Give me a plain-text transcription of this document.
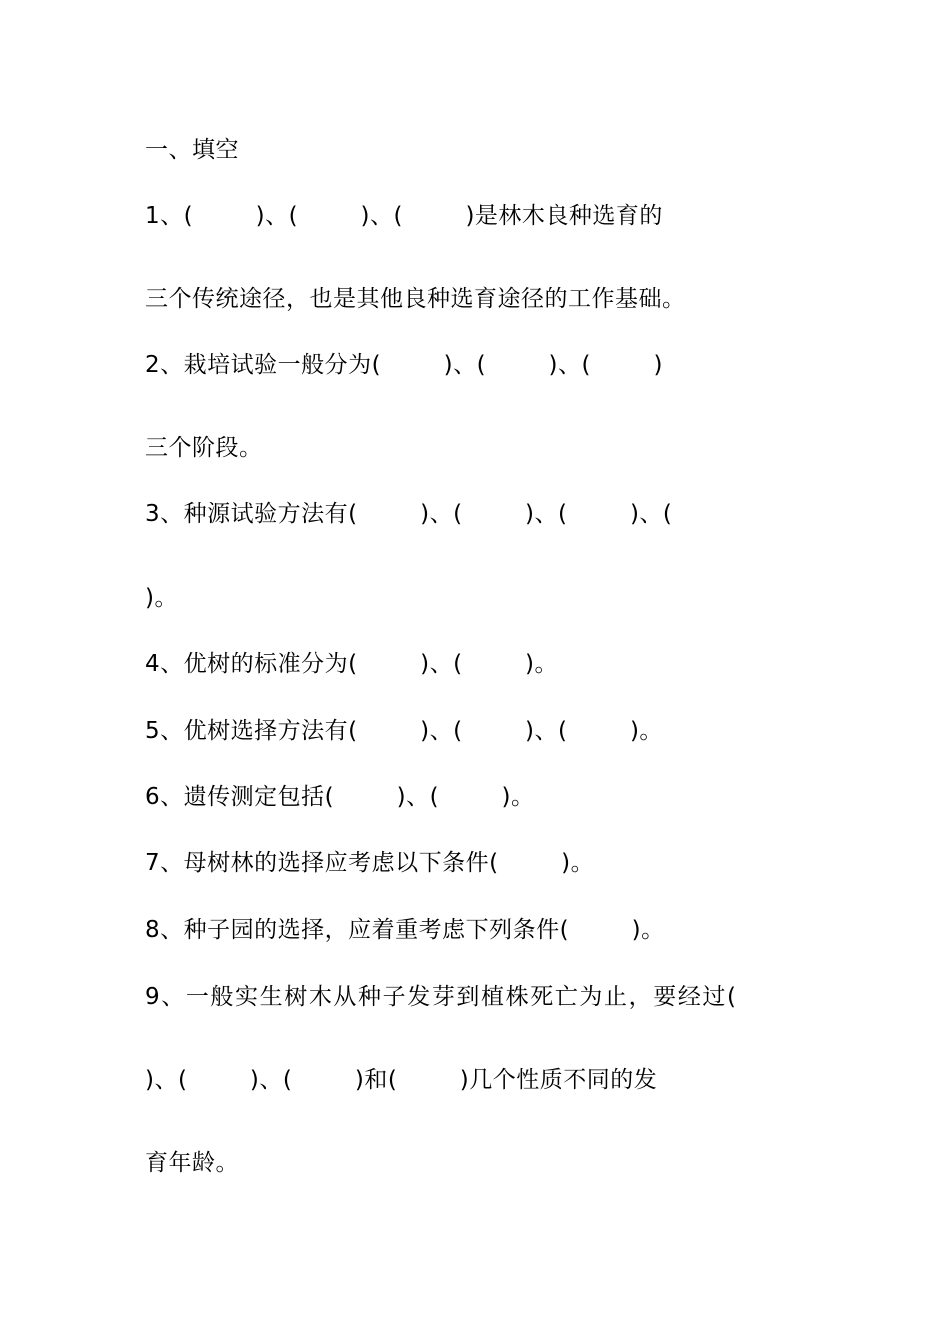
一、填空
1、(        )、(        )、(        )是林木良种选育的
三个传统途径，也是其他良种选育途径的工作基础。
2、栽培试验一般分为(        )、(        )、(        )
三个阶段。
3、种源试验方法有(        )、(        )、(        )、(
)。
4、优树的标准分为(        )、(        )。
5、优树选择方法有(        )、(        )、(        )。
6、遗传测定包括(        )、(        )。
7、母树林的选择应考虑以下条件(        )。
8、种子园的选择，应着重考虑下列条件(        )。
9、一般实生树木从种子发芽到植株死亡为止，要经过(
)、(        )、(        )和(        )几个性质不同的发
育年龄。
